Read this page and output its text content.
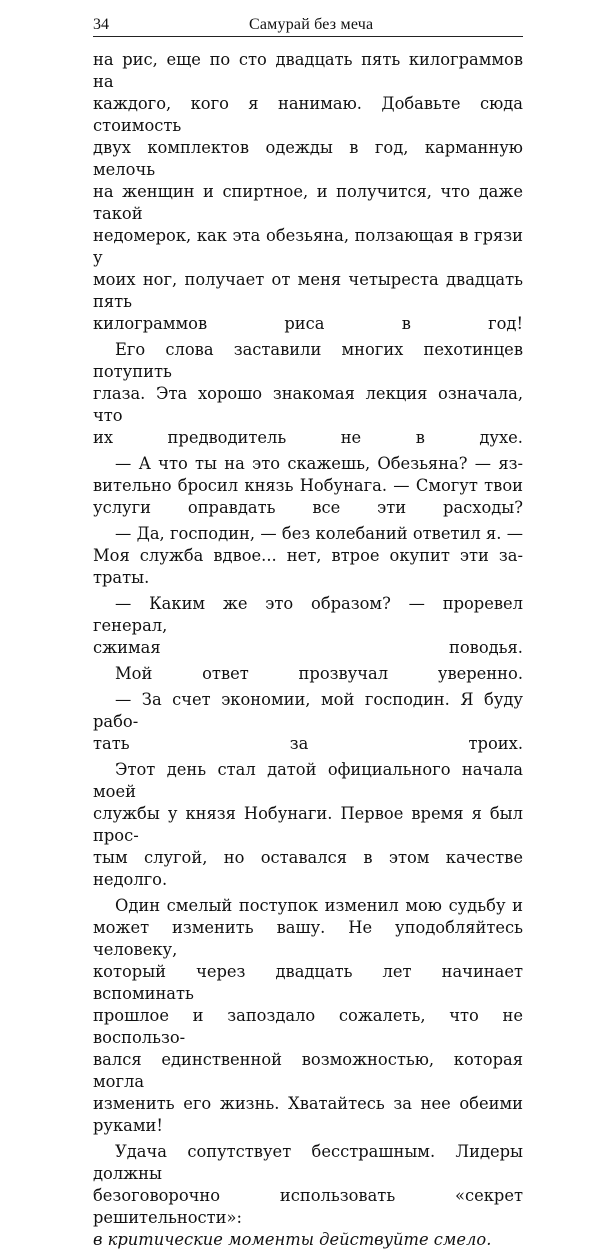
34	Самурай без меча

на рис, еще по сто двадцать пять килограммов на
каждого, кого я нанимаю. Добавьте сюда стоимость
двух комплектов одежды в год, карманную мелочь
на женщин и спиртное, и получится, что даже такой
недомерок, как эта обезьяна, ползающая в грязи у
моих ног, получает от меня четыреста двадцать пять
килограммов риса в год!

Его слова заставили многих пехотинцев потупить
глаза. Эта хорошо знакомая лекция означала, что
их предводитель не в духе.

— А что ты на это скажешь, Обезьяна? — яз-
вительно бросил князь Нобунага. — Смогут твои
услуги оправдать все эти расходы?

— Да, господин, — без колебаний ответил я. —
Моя служба вдвое... нет, втрое окупит эти за-
траты.

— Каким же это образом? — проревел генерал,
сжимая поводья.

Мой ответ прозвучал уверенно.

— За счет экономии, мой господин. Я буду рабо-
тать за троих.

Этот день стал датой официального начала моей
службы у князя Нобунаги. Первое время я был прос-
тым слугой, но оставался в этом качестве недолго.

Один смелый поступок изменил мою судьбу и
может изменить вашу. Не уподобляйтесь человеку,
который через двадцать лет начинает вспоминать
прошлое и запоздало сожалеть, что не воспользо-
вался единственной возможностью, которая могла
изменить его жизнь. Хватайтесь за нее обеими
руками!

Удача сопутствует бесстрашным. Лидеры должны
безоговорочно использовать «секрет решительности»:
в критические моменты действуйте смело.
